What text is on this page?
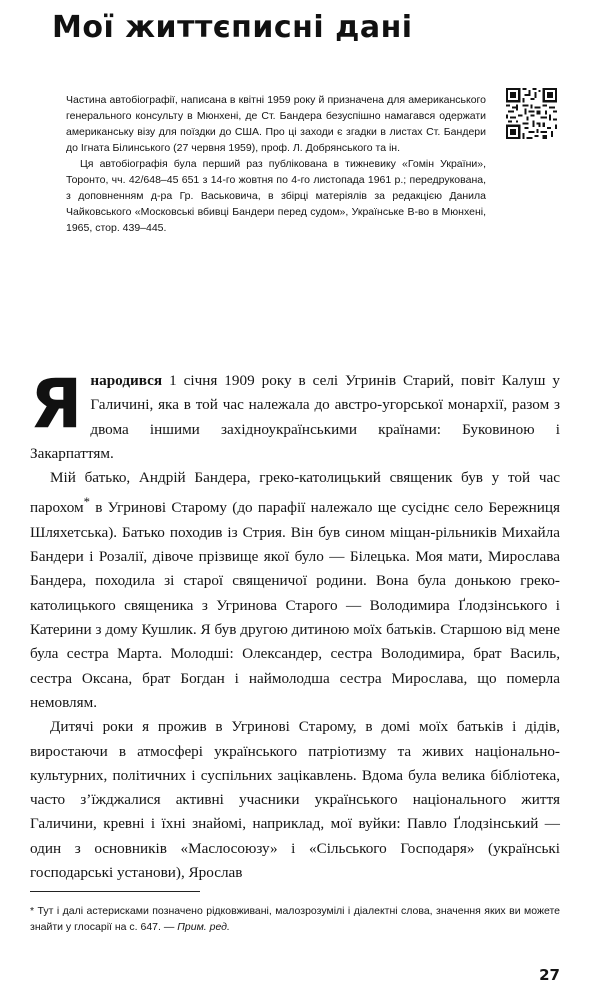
Мої життєписні дані

Частина автобіографії, написана в квітні 1959 року й призначена для американського генерального консульту в Мюнхені, де Ст. Бандера безуспішно намагався одержати американську візу для поїздки до США. Про ці заходи є згадки в листах Ст. Бандери до Ігната Білинського (27 червня 1959), проф. Л. Добрянського та ін.

Ця автобіографія була перший раз публікована в тижневику «Гомін України», Торонто, чч. 42/648–45 651 з 14-го жовтня по 4-го листопада 1961 р.; передрукована, з доповненням д-ра Гр. Васьковича, в збірці матеріялів за редакцією Данила Чайковського «Московські вбивці Бандери перед судом», Українське В-во в Мюнхені, 1965, стор. 439–445.

Янародився 1 січня 1909 року в селі Угринів Старий, повіт Калуш у Галичині, яка в той час належала до австро-угорської монархії, разом з двома іншими західноукраїнськими країнами: Буковиною і Закарпаттям.

Мій батько, Андрій Бандера, греко-католицький священик був у той час парохом* в Угринові Старому (до парафії належало ще сусіднє село Бережниця Шляхетська). Батько походив із Стрия. Він був сином міщан-рільників Михайла Бандери і Розалії, дівоче прізвище якої було — Білецька. Моя мати, Мирослава Бандера, походила зі старої священичої родини. Вона була донькою греко-католицького священика з Угринова Старого — Володимира Ґлодзінського і Катерини з дому Кушлик. Я був другою дитиною моїх батьків. Старшою від мене була сестра Марта. Молодші: Олександер, сестра Володимира, брат Василь, сестра Оксана, брат Богдан і наймолодша сестра Мирослава, що померла немовлям.

Дитячі роки я прожив в Угринові Старому, в домі моїх батьків і дідів, виростаючи в атмосфері українського патріотизму та живих національно-культурних, політичних і суспільних зацікавлень. Вдома була велика бібліотека, часто з’їжджалися активні учасники українського національного життя Галичини, кревні і їхні знайомі, наприклад, мої вуйки: Павло Ґлодзінський — один з основників «Маслосоюзу» і «Сільського Господаря» (українські господарські установи), Ярослав

* Тут і далі астерисками позначено рідковживані, малозрозумілі і діалектні слова, значення яких ви можете знайти у глосарії на с. 647. — Прим. ред.
27
